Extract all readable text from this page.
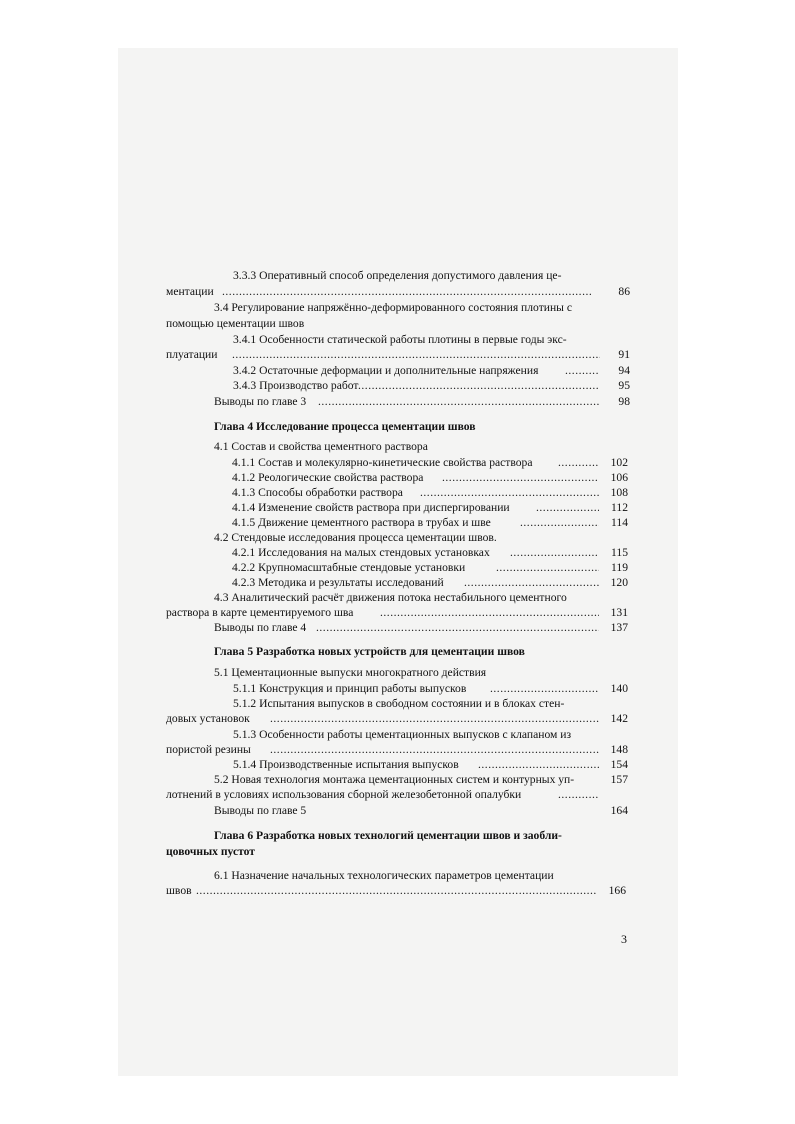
3.3.3 Оперативный способ определения допустимого давления це-
ментации . . .	86
3.4 Регулирование напряжённо-деформированного состояния плотины с
помощью цементации швов
3.4.1 Особенности статической работы плотины в первые годы экс-
плуатации . . .	91
3.4.2 Остаточные деформации и дополнительные напряжения . . .	94
3.4.3 Производство работ . . .	95
Выводы по главе 3 . . .	98
Глава 4 Исследование процесса цементации швов
4.1 Состав и свойства цементного раствора
4.1.1 Состав и молекулярно-кинетические свойства раствора . . .	102
4.1.2 Реологические свойства раствора . . .	106
4.1.3 Способы обработки раствора . . .	108
4.1.4 Изменение свойств раствора при диспергировании . . .	112
4.1.5 Движение цементного раствора в трубах и шве . . .	114
4.2 Стендовые исследования процесса цементации швов.
4.2.1 Исследования на малых стендовых установках . . .	115
4.2.2 Крупномасштабные стендовые установки . . .	119
4.2.3 Методика и результаты исследований . . .	120
4.3 Аналитический расчёт движения потока нестабильного цементного
раствора в карте цементируемого шва . . .	131
Выводы по главе 4 . . .	137
Глава 5 Разработка новых устройств для цементации швов
5.1 Цементационные выпуски многократного действия
5.1.1 Конструкция и принцип работы выпусков . . .	140
5.1.2 Испытания выпусков в свободном состоянии и в блоках стен-
довых установок . . .	142
5.1.3 Особенности работы цементационных выпусков с клапаном из
пористой резины . . .	148
5.1.4 Производственные испытания выпусков . . .	154
5.2 Новая технология монтажа цементационных систем и контурных уп-	157
лотнений в условиях использования сборной железобетонной опалубки
. . .
Выводы по главе 5	164
Глава 6 Разработка новых технологий цементации швов и заобли-
цовочных пустот
6.1 Назначение начальных технологических параметров цементации
швов . . .	166
3
